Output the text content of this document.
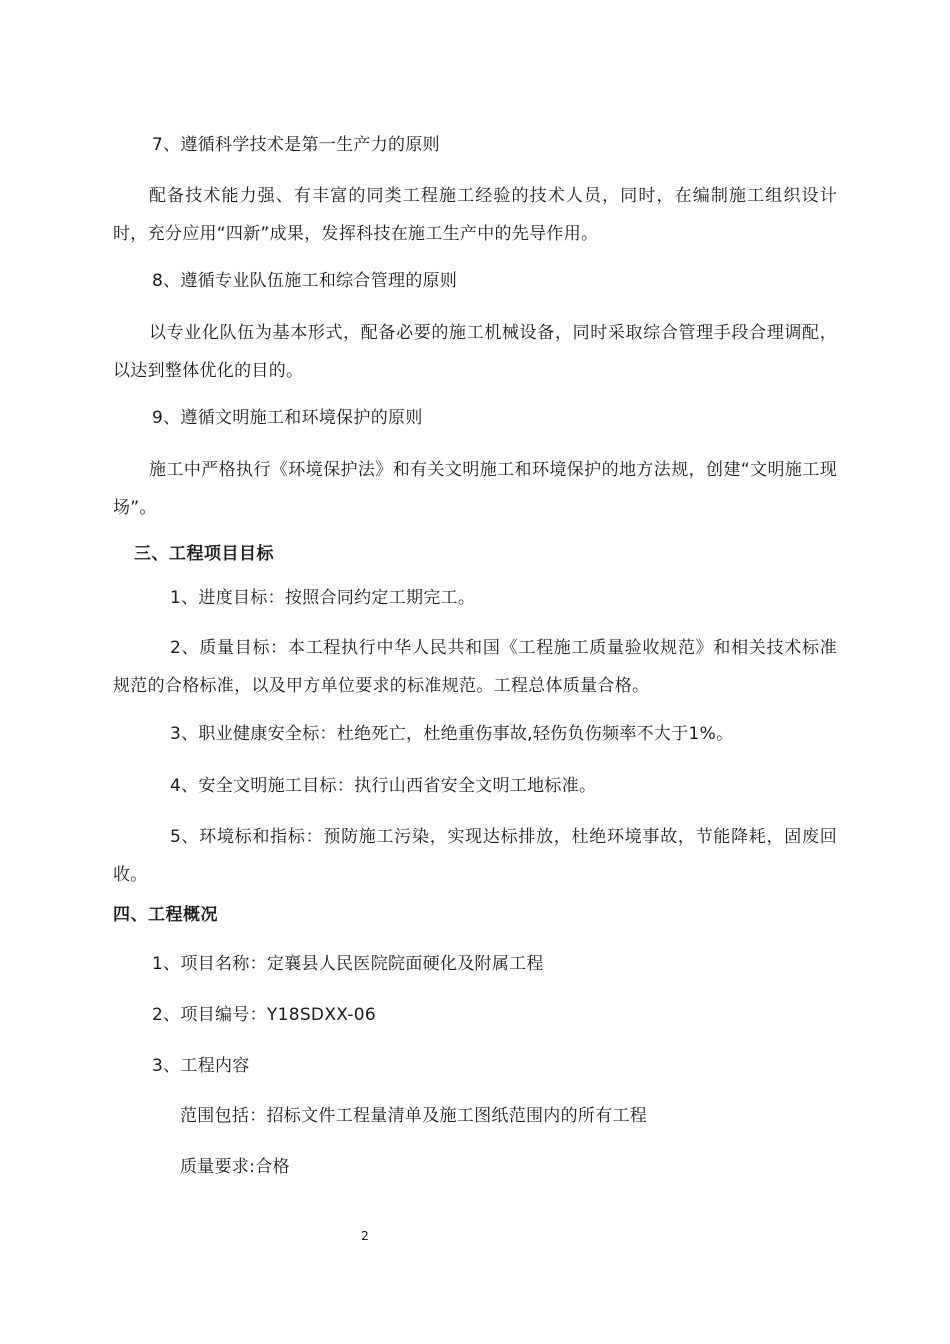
7、遵循科学技术是第一生产力的原则
配备技术能力强、有丰富的同类工程施工经验的技术人员，同时，在编制施工组织设计时，充分应用“四新”成果，发挥科技在施工生产中的先导作用。
8、遵循专业队伍施工和综合管理的原则
以专业化队伍为基本形式，配备必要的施工机械设备，同时采取综合管理手段合理调配，以达到整体优化的目的。
9、遵循文明施工和环境保护的原则
施工中严格执行《环境保护法》和有关文明施工和环境保护的地方法规，创建“文明施工现场”。
三、工程项目目标
1、进度目标：按照合同约定工期完工。
2、质量目标：本工程执行中华人民共和国《工程施工质量验收规范》和相关技术标准规范的合格标准，以及甲方单位要求的标准规范。工程总体质量合格。
3、职业健康安全标：杜绝死亡，杜绝重伤事故,轻伤负伤频率不大于1%。
4、安全文明施工目标：执行山西省安全文明工地标准。
5、环境标和指标：预防施工污染，实现达标排放，杜绝环境事故，节能降耗，固废回收。
四、工程概况
1、项目名称：定襄县人民医院院面硬化及附属工程
2、项目编号：Y18SDXX-06
3、工程内容
范围包括：招标文件工程量清单及施工图纸范围内的所有工程
质量要求:合格
2
